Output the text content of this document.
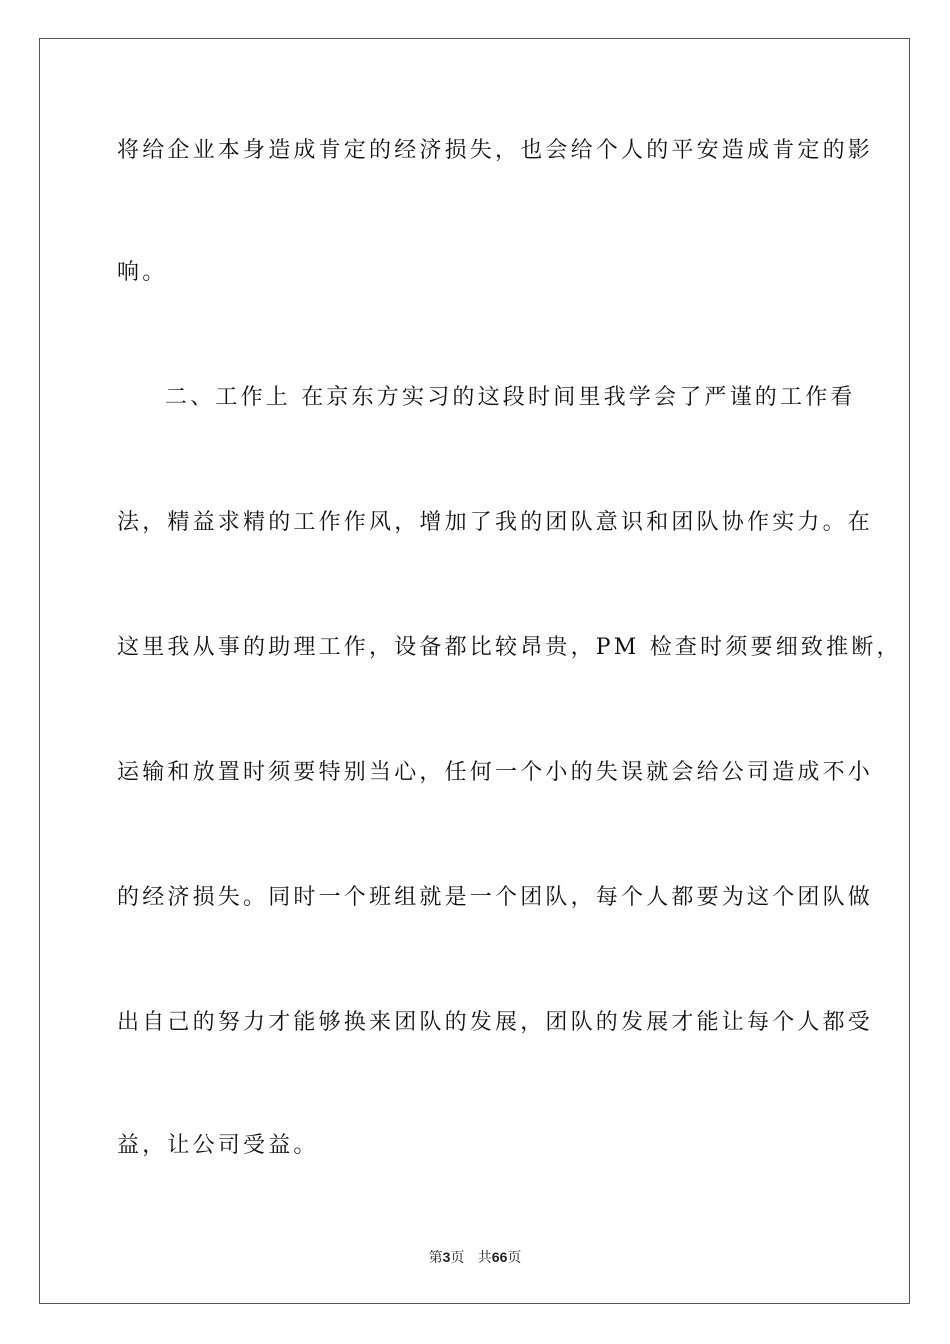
将给企业本身造成肯定的经济损失，也会给个人的平安造成肯定的影
响。
二、工作上 在京东方实习的这段时间里我学会了严谨的工作看
法，精益求精的工作作风，增加了我的团队意识和团队协作实力。在
这里我从事的助理工作，设备都比较昂贵，PM 检查时须要细致推断，
运输和放置时须要特别当心，任何一个小的失误就会给公司造成不小
的经济损失。同时一个班组就是一个团队，每个人都要为这个团队做
出自己的努力才能够换来团队的发展，团队的发展才能让每个人都受
益，让公司受益。
第3页 共66页
